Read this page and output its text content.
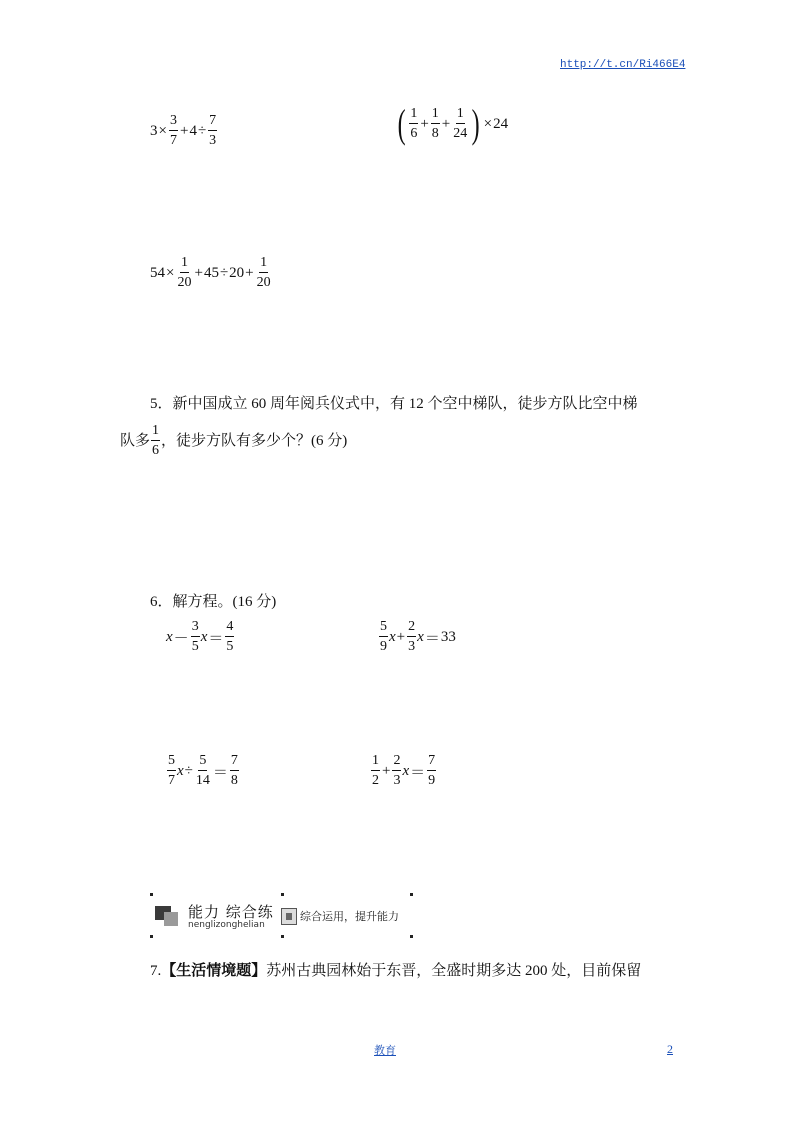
http://t.cn/Ri466E4
$3 \times \frac{3}{7} + 4 \div \frac{7}{3}$	( $\frac{1}{6} + \frac{1}{8} + \frac{1}{24}$ ) × 24
$54 \times \frac{1}{20} + 45 \div 20 + \frac{1}{20}$
5．新中国成立 60 周年阅兵仪式中，有 12 个空中梯队，徒步方队比空中梯
队多 $\frac{1}{6}$ ，徒步方队有多少个？(6 分)
6．解方程。(16 分)
$x - \frac{3}{5}$ $x = \frac{4}{5}$	$\frac{5}{9}$ $x + \frac{2}{3}$ x ＝ 33
$\frac{5}{7}$ $x \div \frac{5}{14} = \frac{7}{8}$	$\frac{1}{2} + \frac{2}{3}$ $x = \frac{7}{9}$
能力 综合练
nenglizonghelian
综合运用，提升能力
7.【生活情境题】苏州古典园林始于东晋，全盛时期多达 200 处，目前保留
教育	2
